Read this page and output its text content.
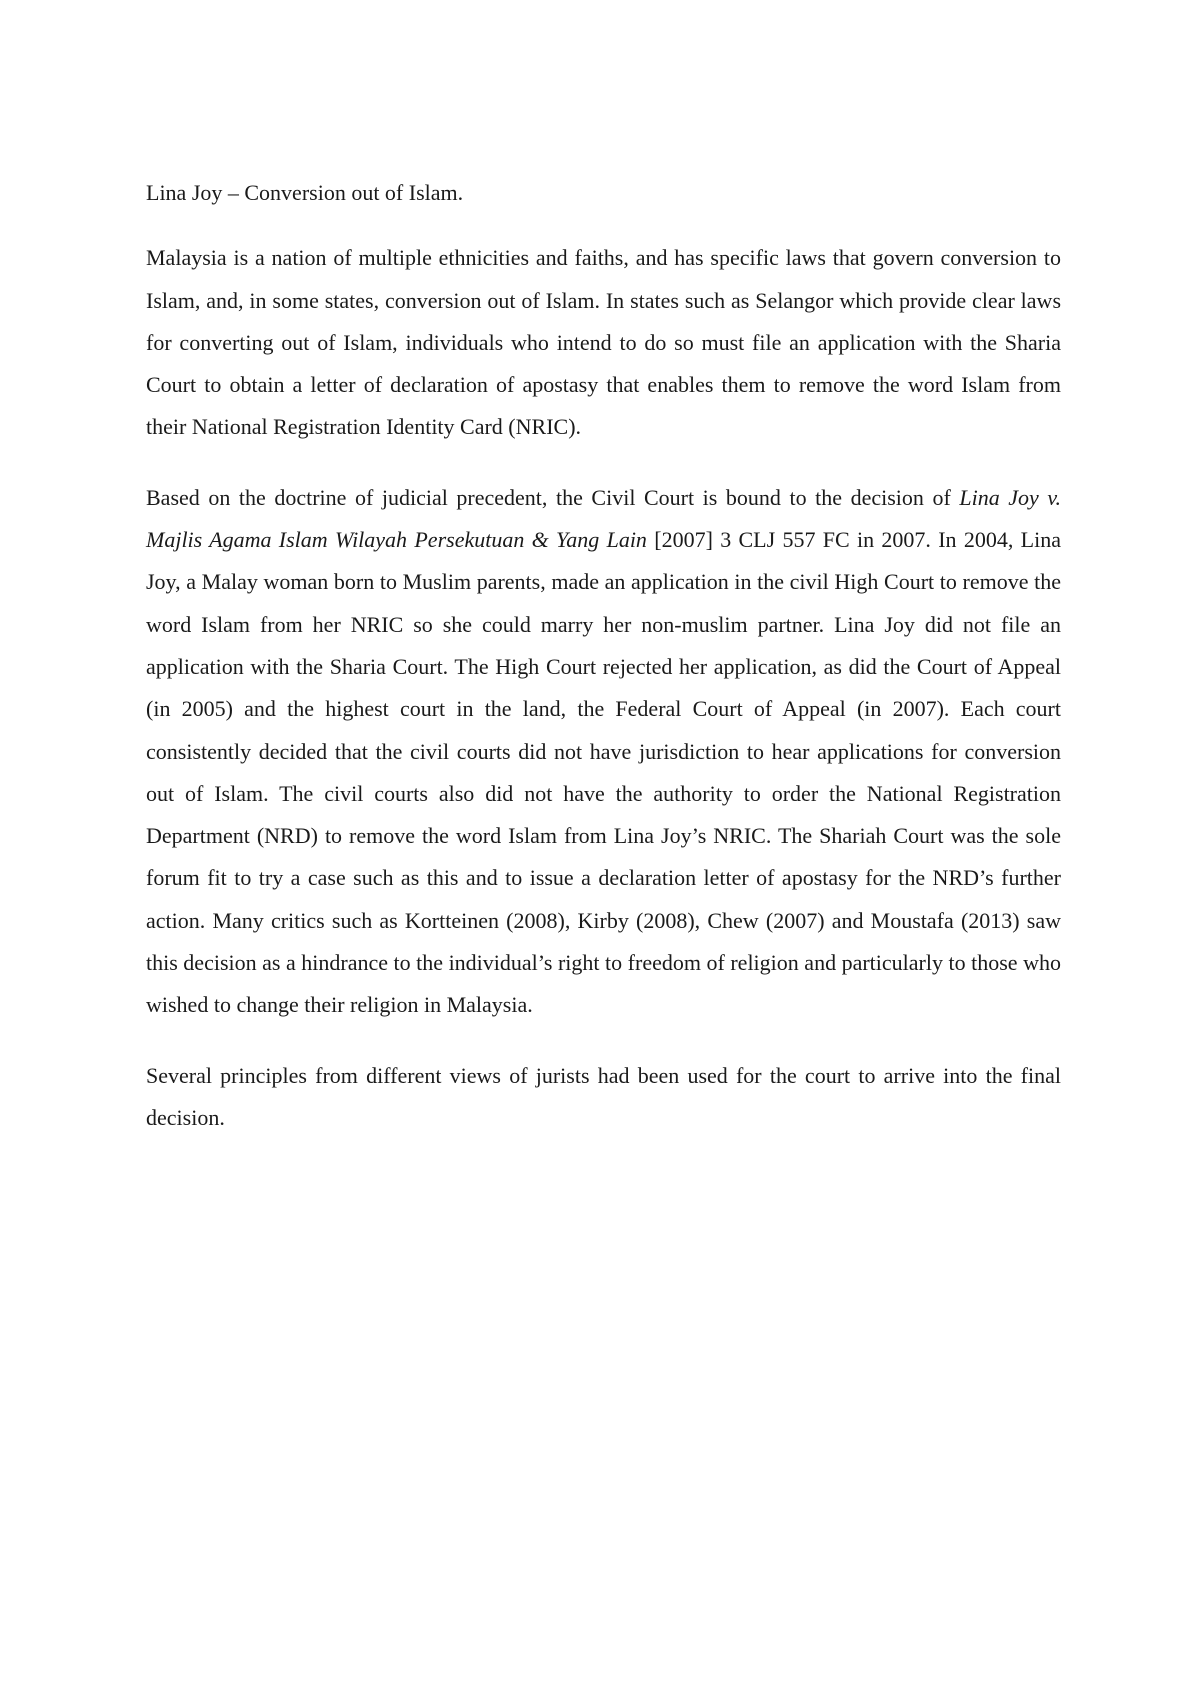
Lina Joy – Conversion out of Islam.

Malaysia is a nation of multiple ethnicities and faiths, and has specific laws that govern conversion to Islam, and, in some states, conversion out of Islam. In states such as Selangor which provide clear laws for converting out of Islam, individuals who intend to do so must file an application with the Sharia Court to obtain a letter of declaration of apostasy that enables them to remove the word Islam from their National Registration Identity Card (NRIC).

Based on the doctrine of judicial precedent, the Civil Court is bound to the decision of Lina Joy v. Majlis Agama Islam Wilayah Persekutuan & Yang Lain [2007] 3 CLJ 557 FC in 2007. In 2004, Lina Joy, a Malay woman born to Muslim parents, made an application in the civil High Court to remove the word Islam from her NRIC so she could marry her non-muslim partner. Lina Joy did not file an application with the Sharia Court. The High Court rejected her application, as did the Court of Appeal (in 2005) and the highest court in the land, the Federal Court of Appeal (in 2007). Each court consistently decided that the civil courts did not have jurisdiction to hear applications for conversion out of Islam. The civil courts also did not have the authority to order the National Registration Department (NRD) to remove the word Islam from Lina Joy’s NRIC. The Shariah Court was the sole forum fit to try a case such as this and to issue a declaration letter of apostasy for the NRD’s further action. Many critics such as Kortteinen (2008), Kirby (2008), Chew (2007) and Moustafa (2013) saw this decision as a hindrance to the individual’s right to freedom of religion and particularly to those who wished to change their religion in Malaysia.

Several principles from different views of jurists had been used for the court to arrive into the final decision.
